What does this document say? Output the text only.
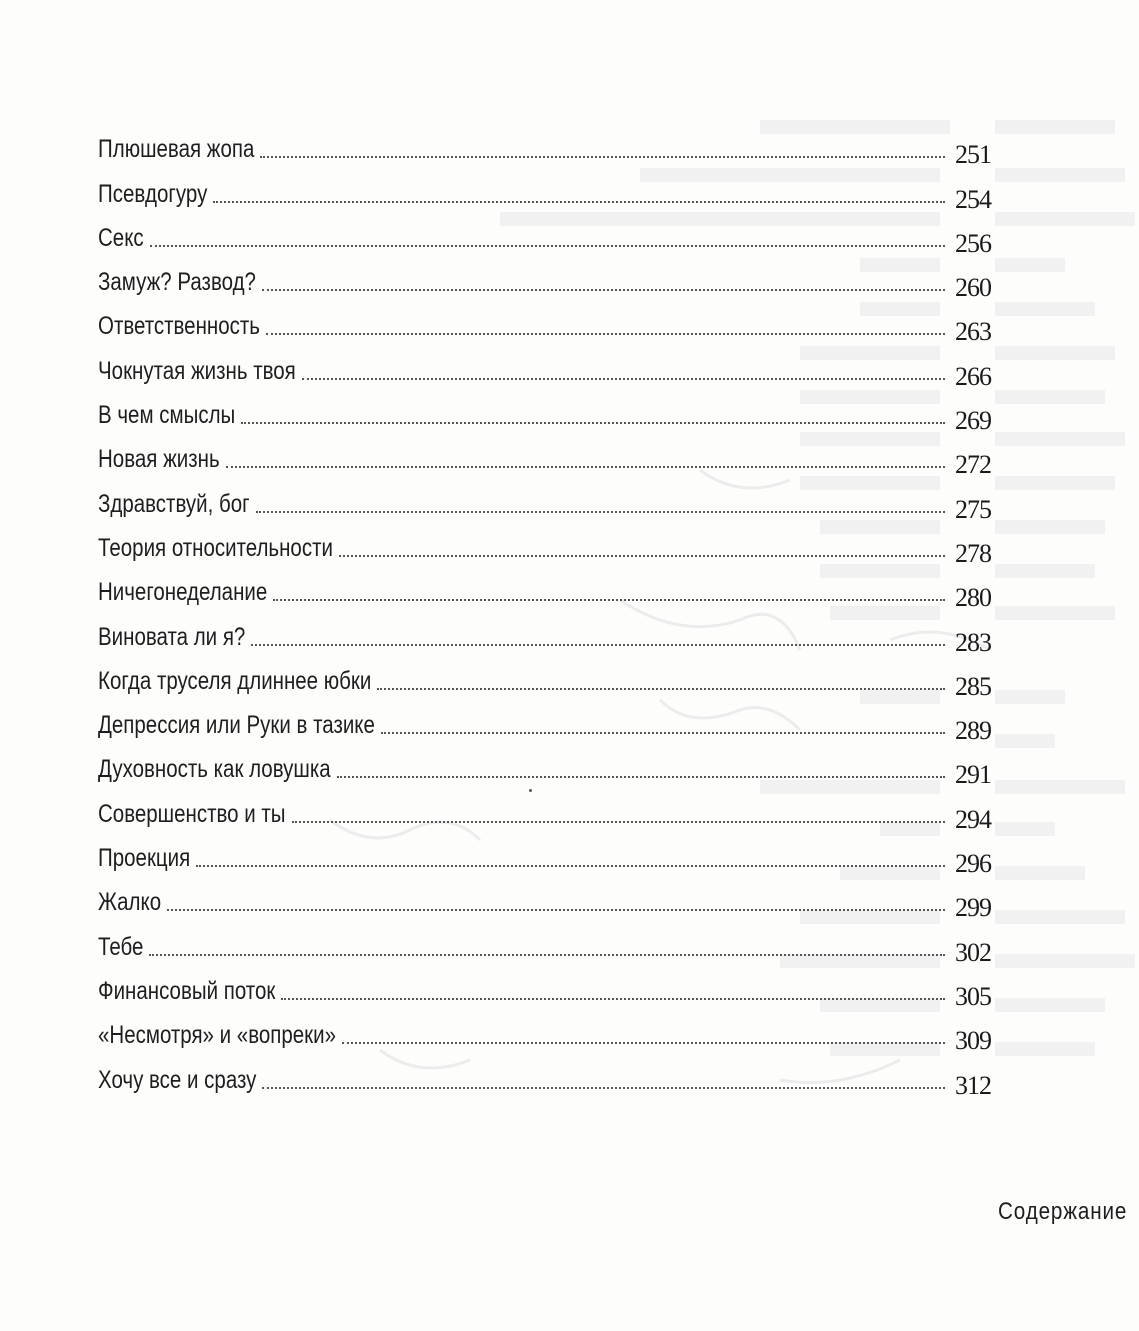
Плюшевая жопа	251
Псевдогуру	254
Секс	256
Замуж? Развод?	260
Ответственность	263
Чокнутая жизнь твоя	266
В чем смыслы	269
Новая жизнь	272
Здравствуй, бог	275
Теория относительности	278
Ничегонеделание	280
Виновата ли я?	283
Когда труселя длиннее юбки	285
Депрессия или Руки в тазике	289
Духовность как ловушка	291
Совершенство и ты	294
Проекция	296
Жалко	299
Тебе	302
Финансовый поток	305
«Несмотря» и «вопреки»	309
Хочу все и сразу	312
Содержание
